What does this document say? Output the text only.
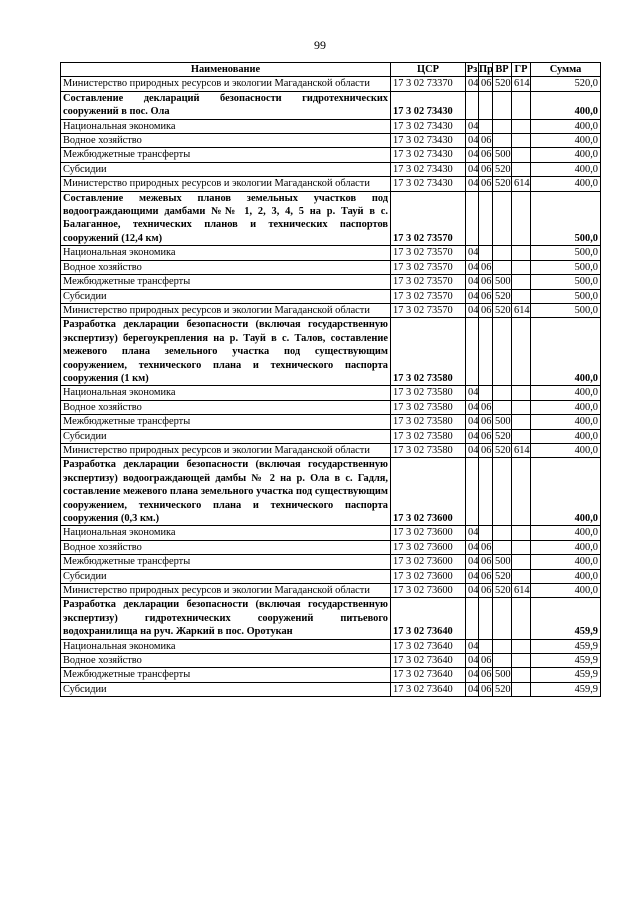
99
Наименование	ЦСР	Рз	Пр	ВР	ГР	Сумма
Министерство природных ресурсов и экологии Магаданской области	17 3 02 73370	04	06	520	614	520,0
Составление деклараций безопасности гидротехнических сооружений в пос. Ола	17 3 02 73430					400,0
Национальная экономика	17 3 02 73430	04				400,0
Водное хозяйство	17 3 02 73430	04	06			400,0
Межбюджетные трансферты	17 3 02 73430	04	06	500		400,0
Субсидии	17 3 02 73430	04	06	520		400,0
Министерство природных ресурсов и экологии Магаданской области	17 3 02 73430	04	06	520	614	400,0
Составление межевых планов земельных участков под водоограждающими дамбами №№ 1, 2, 3, 4, 5 на р. Тауй в с. Балаганное, технических планов и технических паспортов сооружений (12,4 км)	17 3 02 73570					500,0
Национальная экономика	17 3 02 73570	04				500,0
Водное хозяйство	17 3 02 73570	04	06			500,0
Межбюджетные трансферты	17 3 02 73570	04	06	500		500,0
Субсидии	17 3 02 73570	04	06	520		500,0
Министерство природных ресурсов и экологии Магаданской области	17 3 02 73570	04	06	520	614	500,0
Разработка декларации безопасности (включая государственную экспертизу) берегоукрепления на р. Тауй в с. Талов, составление межевого плана земельного участка под существующим сооружением, технического плана и технического паспорта сооружения (1 км)	17 3 02 73580					400,0
Национальная экономика	17 3 02 73580	04				400,0
Водное хозяйство	17 3 02 73580	04	06			400,0
Межбюджетные трансферты	17 3 02 73580	04	06	500		400,0
Субсидии	17 3 02 73580	04	06	520		400,0
Министерство природных ресурсов и экологии Магаданской области	17 3 02 73580	04	06	520	614	400,0
Разработка декларации безопасности (включая государственную экспертизу) водоограждающей дамбы № 2 на р. Ола в с. Гадля, составление межевого плана земельного участка под существующим сооружением, технического плана и технического паспорта сооружения (0,3 км.)	17 3 02 73600					400,0
Национальная экономика	17 3 02 73600	04				400,0
Водное хозяйство	17 3 02 73600	04	06			400,0
Межбюджетные трансферты	17 3 02 73600	04	06	500		400,0
Субсидии	17 3 02 73600	04	06	520		400,0
Министерство природных ресурсов и экологии Магаданской области	17 3 02 73600	04	06	520	614	400,0
Разработка декларации безопасности (включая государственную экспертизу) гидротехнических сооружений питьевого водохранилища на руч. Жаркий в пос. Оротукан	17 3 02 73640					459,9
Национальная экономика	17 3 02 73640	04				459,9
Водное хозяйство	17 3 02 73640	04	06			459,9
Межбюджетные трансферты	17 3 02 73640	04	06	500		459,9
Субсидии	17 3 02 73640	04	06	520		459,9
